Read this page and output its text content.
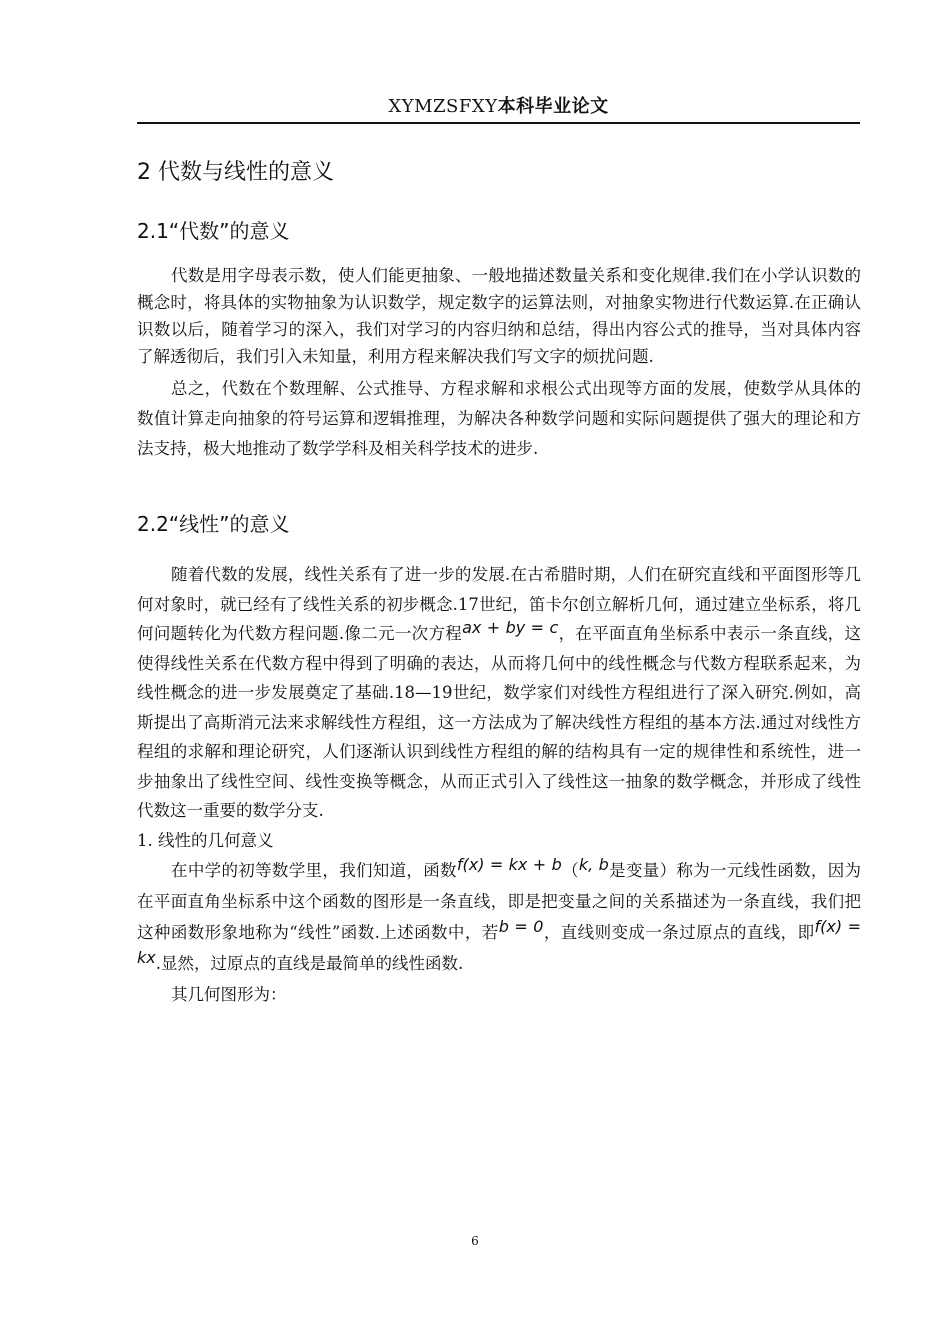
XYMZSFXY本科毕业论文
2 代数与线性的意义
2.1“代数”的意义

代数是用字母表示数，使人们能更抽象、一般地描述数量关系和变化规律.我们在小学认识数的概念时，将具体的实物抽象为认识数学，规定数字的运算法则，对抽象实物进行代数运算.在正确认识数以后，随着学习的深入，我们对学习的内容归纳和总结，得出内容公式的推导，当对具体内容了解透彻后，我们引入未知量，利用方程来解决我们写文字的烦扰问题.

总之，代数在个数理解、公式推导、方程求解和求根公式出现等方面的发展，使数学从具体的数值计算走向抽象的符号运算和逻辑推理，为解决各种数学问题和实际问题提供了强大的理论和方法支持，极大地推动了数学学科及相关科学技术的进步.

2.2“线性”的意义

随着代数的发展，线性关系有了进一步的发展.在古希腊时期，人们在研究直线和平面图形等几何对象时，就已经有了线性关系的初步概念.17世纪，笛卡尔创立解析几何，通过建立坐标系，将几何问题转化为代数方程问题.像二元一次方程ax + by = c，在平面直角坐标系中表示一条直线，这使得线性关系在代数方程中得到了明确的表达，从而将几何中的线性概念与代数方程联系起来，为线性概念的进一步发展奠定了基础.18—19世纪，数学家们对线性方程组进行了深入研究.例如，高斯提出了高斯消元法来求解线性方程组，这一方法成为了解决线性方程组的基本方法.通过对线性方程组的求解和理论研究，人们逐渐认识到线性方程组的解的结构具有一定的规律性和系统性，进一步抽象出了线性空间、线性变换等概念，从而正式引入了线性这一抽象的数学概念，并形成了线性代数这一重要的数学分支.

1. 线性的几何意义

在中学的初等数学里，我们知道，函数f(x) = kx + b（k, b是变量）称为一元线性函数，因为在平面直角坐标系中这个函数的图形是一条直线，即是把变量之间的关系描述为一条直线，我们把这种函数形象地称为“线性”函数.上述函数中，若b = 0，直线则变成一条过原点的直线，即f(x) = kx.显然，过原点的直线是最简单的线性函数.

其几何图形为：

6
